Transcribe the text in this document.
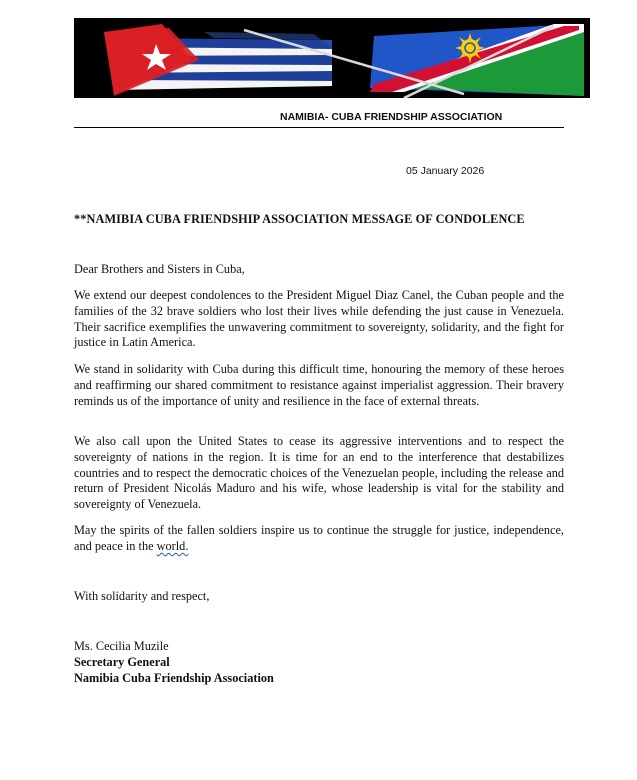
NAMIBIA- CUBA FRIENDSHIP ASSOCIATION
05 January 2026
**NAMIBIA CUBA FRIENDSHIP ASSOCIATION MESSAGE OF CONDOLENCE
Dear Brothers and Sisters in Cuba,
We extend our deepest condolences to the President Miguel Diaz Canel, the Cuban people and the families of the 32 brave soldiers who lost their lives while defending the just cause in Venezuela. Their sacrifice exemplifies the unwavering commitment to sovereignty, solidarity, and the fight for justice in Latin America.
We stand in solidarity with Cuba during this difficult time, honouring the memory of these heroes and reaffirming our shared commitment to resistance against imperialist aggression. Their bravery reminds us of the importance of unity and resilience in the face of external threats.
We also call upon the United States to cease its aggressive interventions and to respect the sovereignty of nations in the region. It is time for an end to the interference that destabilizes countries and to respect the democratic choices of the Venezuelan people, including the release and return of President Nicolás Maduro and his wife, whose leadership is vital for the stability and sovereignty of Venezuela.
May the spirits of the fallen soldiers inspire us to continue the struggle for justice, independence, and peace in the world.
With solidarity and respect,
Ms. Cecilia Muzile
Secretary General
Namibia Cuba Friendship Association
